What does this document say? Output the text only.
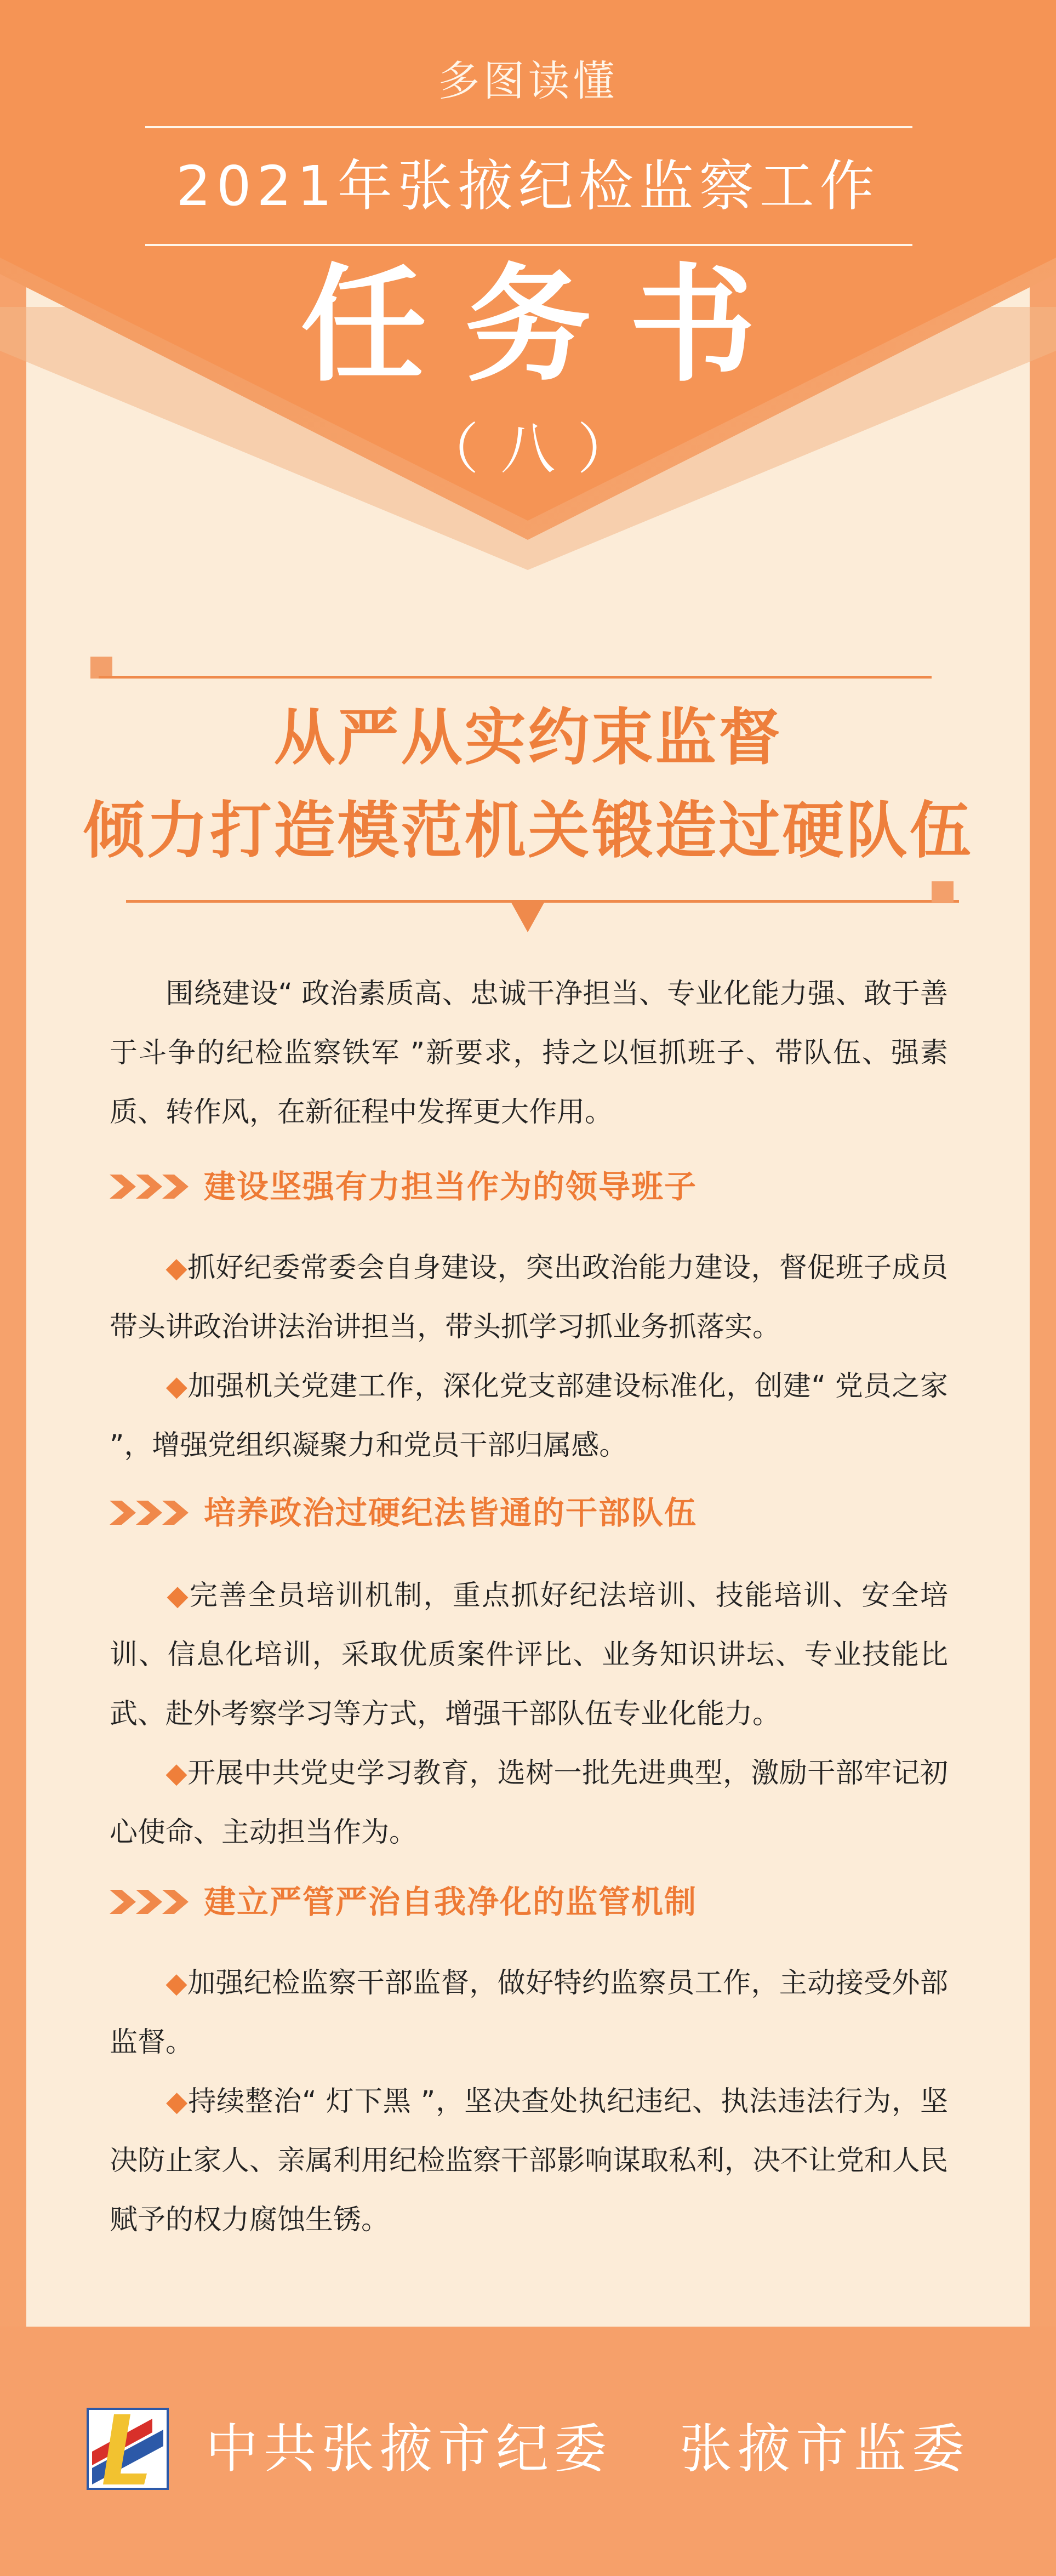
多图读懂
2021年张掖纪检监察工作
任务书
（八）
从严从实约束监督
倾力打造模范机关锻造过硬队伍
围绕建设“ 政治素质高、忠诚干净担当、专业化能力强、敢于善于斗争的纪检监察铁军 ”新要求，持之以恒抓班子、带队伍、强素质、转作风，在新征程中发挥更大作用。
建设坚强有力担当作为的领导班子
◆抓好纪委常委会自身建设，突出政治能力建设，督促班子成员带头讲政治讲法治讲担当，带头抓学习抓业务抓落实。
◆加强机关党建工作，深化党支部建设标准化，创建“ 党员之家 ”，增强党组织凝聚力和党员干部归属感。
培养政治过硬纪法皆通的干部队伍
◆完善全员培训机制，重点抓好纪法培训、技能培训、安全培训、信息化培训，采取优质案件评比、业务知识讲坛、专业技能比武、赴外考察学习等方式，增强干部队伍专业化能力。
◆开展中共党史学习教育，选树一批先进典型，激励干部牢记初心使命、主动担当作为。
建立严管严治自我净化的监管机制
◆加强纪检监察干部监督，做好特约监察员工作，主动接受外部监督。
◆持续整治“ 灯下黑 ”，坚决查处执纪违纪、执法违法行为，坚决防止家人、亲属利用纪检监察干部影响谋取私利，决不让党和人民赋予的权力腐蚀生锈。
中共张掖市纪委 张掖市监委
